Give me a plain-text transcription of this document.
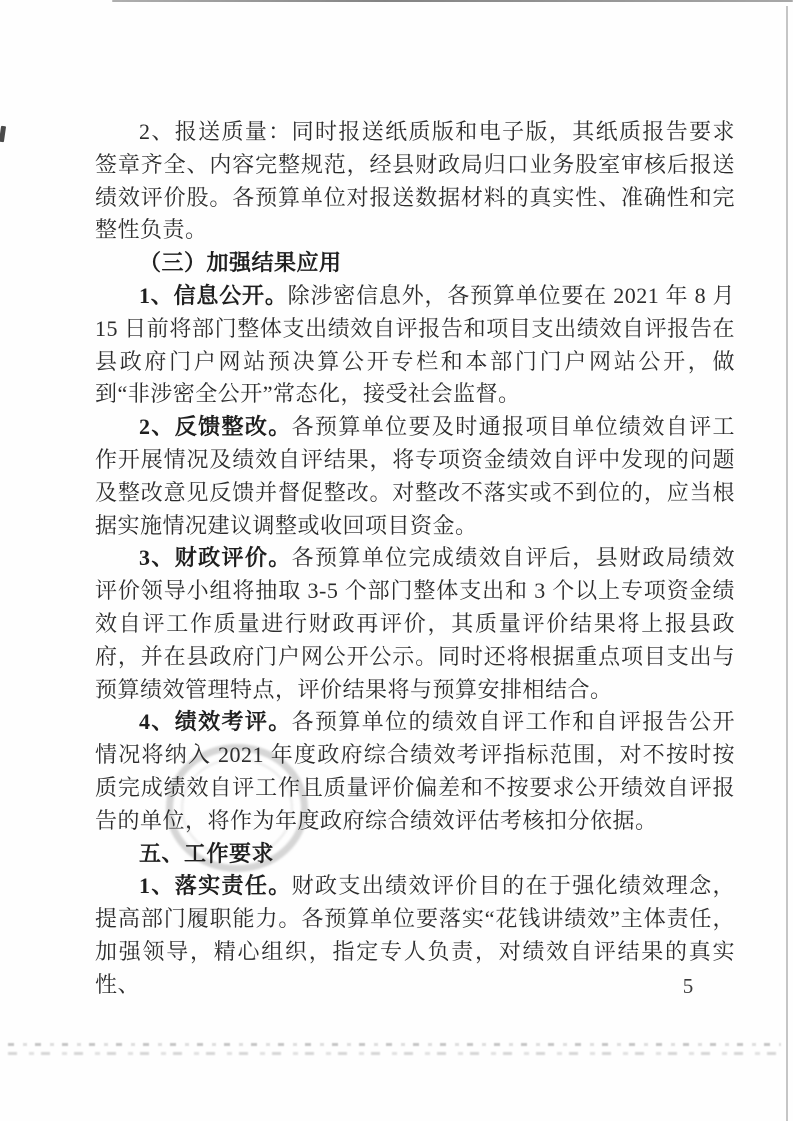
2、报送质量：同时报送纸质版和电子版，其纸质报告要求签章齐全、内容完整规范，经县财政局归口业务股室审核后报送绩效评价股。各预算单位对报送数据材料的真实性、准确性和完整性负责。

（三）加强结果应用

1、信息公开。除涉密信息外，各预算单位要在 2021 年 8 月 15 日前将部门整体支出绩效自评报告和项目支出绩效自评报告在县政府门户网站预决算公开专栏和本部门门户网站公开，做到“非涉密全公开”常态化，接受社会监督。

2、反馈整改。各预算单位要及时通报项目单位绩效自评工作开展情况及绩效自评结果，将专项资金绩效自评中发现的问题及整改意见反馈并督促整改。对整改不落实或不到位的，应当根据实施情况建议调整或收回项目资金。

3、财政评价。各预算单位完成绩效自评后，县财政局绩效评价领导小组将抽取 3-5 个部门整体支出和 3 个以上专项资金绩效自评工作质量进行财政再评价，其质量评价结果将上报县政府，并在县政府门户网公开公示。同时还将根据重点项目支出与预算绩效管理特点，评价结果将与预算安排相结合。

4、绩效考评。各预算单位的绩效自评工作和自评报告公开情况将纳入 2021 年度政府综合绩效考评指标范围，对不按时按质完成绩效自评工作且质量评价偏差和不按要求公开绩效自评报告的单位，将作为年度政府综合绩效评估考核扣分依据。

五、工作要求

1、落实责任。财政支出绩效评价目的在于强化绩效理念，提高部门履职能力。各预算单位要落实“花钱讲绩效”主体责任，加强领导，精心组织，指定专人负责，对绩效自评结果的真实性、	5
